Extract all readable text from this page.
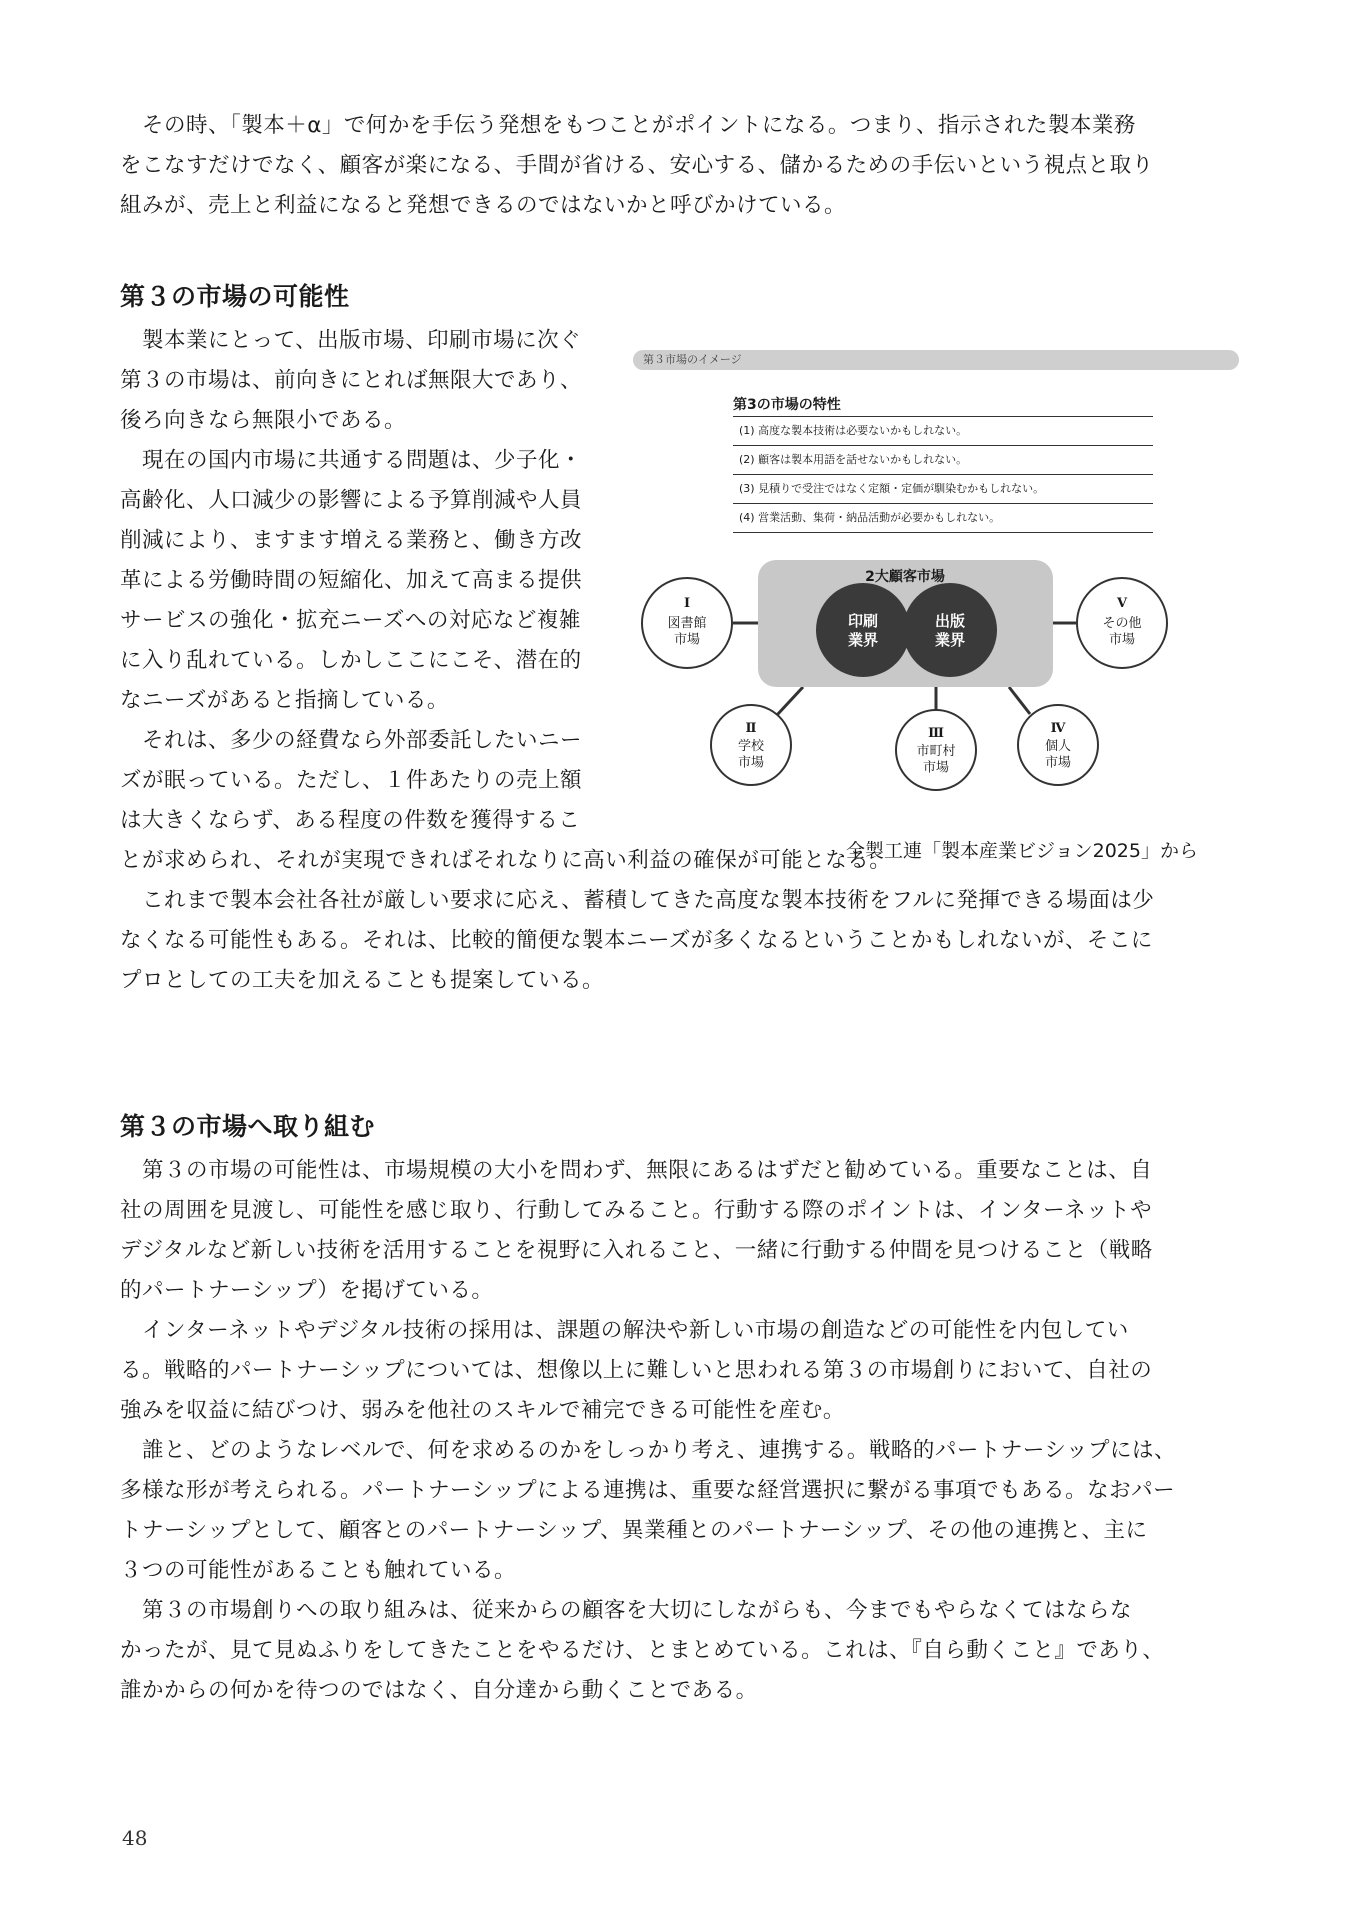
　その時、「製本＋α」で何かを手伝う発想をもつことがポイントになる。つまり、指示された製本業務
をこなすだけでなく、顧客が楽になる、手間が省ける、安心する、儲かるための手伝いという視点と取り
組みが、売上と利益になると発想できるのではないかと呼びかけている。

第３の市場の可能性

　製本業にとって、出版市場、印刷市場に次ぐ
第３の市場は、前向きにとれば無限大であり、
後ろ向きなら無限小である。
　現在の国内市場に共通する問題は、少子化・
高齢化、人口減少の影響による予算削減や人員
削減により、ますます増える業務と、働き方改
革による労働時間の短縮化、加えて高まる提供
サービスの強化・拡充ニーズへの対応など複雑
に入り乱れている。しかしここにこそ、潜在的
なニーズがあると指摘している。
　それは、多少の経費なら外部委託したいニー
ズが眠っている。ただし、１件あたりの売上額
は大きくならず、ある程度の件数を獲得するこ

とが求められ、それが実現できればそれなりに高い利益の確保が可能となる。
　これまで製本会社各社が厳しい要求に応え、蓄積してきた高度な製本技術をフルに発揮できる場面は少
なくなる可能性もある。それは、比較的簡便な製本ニーズが多くなるということかもしれないが、そこに
プロとしての工夫を加えることも提案している。

第３市場のイメージ
第3の市場の特性
(1) 高度な製本技術は必要ないかもしれない。
(2) 顧客は製本用語を話せないかもしれない。
(3) 見積りで受注ではなく定額・定価が馴染むかもしれない。
(4) 営業活動、集荷・納品活動が必要かもしれない。
2大顧客市場
印刷業界
出版業界
Ⅰ
図書館市場
Ⅱ
学校市場
Ⅲ
市町村市場
Ⅳ
個人市場
Ⅴ
その他市場
全製工連「製本産業ビジョン2025」から
第３の市場へ取り組む

　第３の市場の可能性は、市場規模の大小を問わず、無限にあるはずだと勧めている。重要なことは、自
社の周囲を見渡し、可能性を感じ取り、行動してみること。行動する際のポイントは、インターネットや
デジタルなど新しい技術を活用することを視野に入れること、一緒に行動する仲間を見つけること（戦略
的パートナーシップ）を掲げている。
　インターネットやデジタル技術の採用は、課題の解決や新しい市場の創造などの可能性を内包してい
る。戦略的パートナーシップについては、想像以上に難しいと思われる第３の市場創りにおいて、自社の
強みを収益に結びつけ、弱みを他社のスキルで補完できる可能性を産む。
　誰と、どのようなレベルで、何を求めるのかをしっかり考え、連携する。戦略的パートナーシップには、
多様な形が考えられる。パートナーシップによる連携は、重要な経営選択に繋がる事項でもある。なおパー
トナーシップとして、顧客とのパートナーシップ、異業種とのパートナーシップ、その他の連携と、主に
３つの可能性があることも触れている。
　第３の市場創りへの取り組みは、従来からの顧客を大切にしながらも、今までもやらなくてはならな
かったが、見て見ぬふりをしてきたことをやるだけ、とまとめている。これは、『自ら動くこと』であり、
誰かからの何かを待つのではなく、自分達から動くことである。

48
